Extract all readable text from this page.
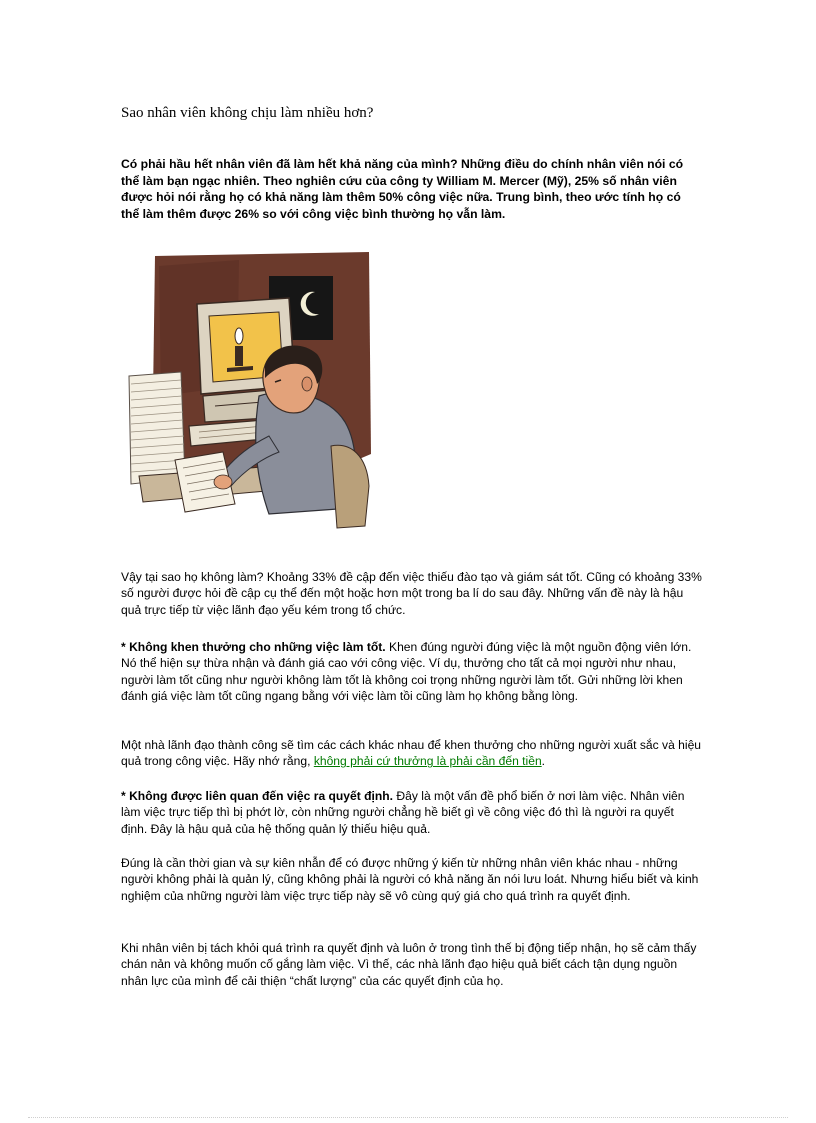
Sao nhân viên không chịu làm nhiều hơn?
Có phải hầu hết nhân viên đã làm hết khả năng của mình? Những điều do chính nhân viên nói có thể làm bạn ngạc nhiên. Theo nghiên cứu của công ty William M. Mercer (Mỹ), 25% số nhân viên được hỏi nói rằng họ có khả năng làm thêm 50% công việc nữa. Trung bình, theo ước tính họ có thể làm thêm được 26% so với công việc bình thường họ vẫn làm.
Vậy tại sao họ không làm? Khoảng 33% đề cập đến việc thiếu đào tạo và giám sát tốt. Cũng có khoảng 33% số người được hỏi đề cập cụ thể đến một hoặc hơn một trong ba lí do sau đây. Những vấn đề này là hậu quả trực tiếp từ việc lãnh đạo yếu kém trong tổ chức.
* Không khen thưởng cho những việc làm tốt. Khen đúng người đúng việc là một nguồn động viên lớn. Nó thể hiện sự thừa nhận và đánh giá cao với công việc. Ví dụ, thưởng cho tất cả mọi người như nhau, người làm tốt cũng như người không làm tốt là không coi trọng những người làm tốt. Gửi những lời khen đánh giá việc làm tốt cũng ngang bằng với việc làm tồi cũng làm họ không bằng lòng.
Một nhà lãnh đạo thành công sẽ tìm các cách khác nhau để khen thưởng cho những người xuất sắc và hiệu quả trong công việc. Hãy nhớ rằng, không phải cứ thưởng là phải cần đến tiền.
* Không được liên quan đến việc ra quyết định. Đây là một vấn đề phổ biến ở nơi làm việc. Nhân viên làm việc trực tiếp thì bị phớt lờ, còn những người chẳng hề biết gì về công việc đó thì là người ra quyết định. Đây là hậu quả của hệ thống quản lý thiếu hiệu quả.
Đúng là cần thời gian và sự kiên nhẫn để có được những ý kiến từ những nhân viên khác nhau - những người không phải là quản lý, cũng không phải là người có khả năng ăn nói lưu loát. Nhưng hiểu biết và kinh nghiệm của những người làm việc trực tiếp này sẽ vô cùng quý giá cho quá trình ra quyết định.
Khi nhân viên bị tách khỏi quá trình ra quyết định và luôn ở trong tình thế bị động tiếp nhận, họ sẽ cảm thấy chán nản và không muốn cố gắng làm việc. Vì thế, các nhà lãnh đạo hiệu quả biết cách tận dụng nguồn nhân lực của mình để cải thiện “chất lượng” của các quyết định của họ.
